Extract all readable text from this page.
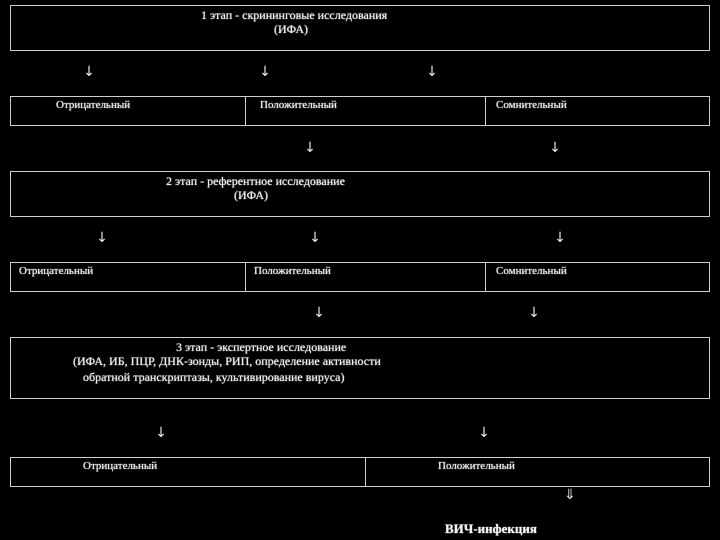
1 этап - скрининговые исследования
(ИФА)
↓	↓	↓
Отрицательный	Положительный	Сомнительный
↓	↓
2 этап - референтное исследование
(ИФА)
↓	↓	↓
Отрицательный	Положительный	Сомнительный
↓	↓
3 этап - экспертное исследование
(ИФА, ИБ, ПЦР, ДНК-зонды, РИП, определение активности
обратной транскриптазы, культивирование вируса)
↓	↓
Отрицательный	Положительный
⇓
ВИЧ-инфекция
